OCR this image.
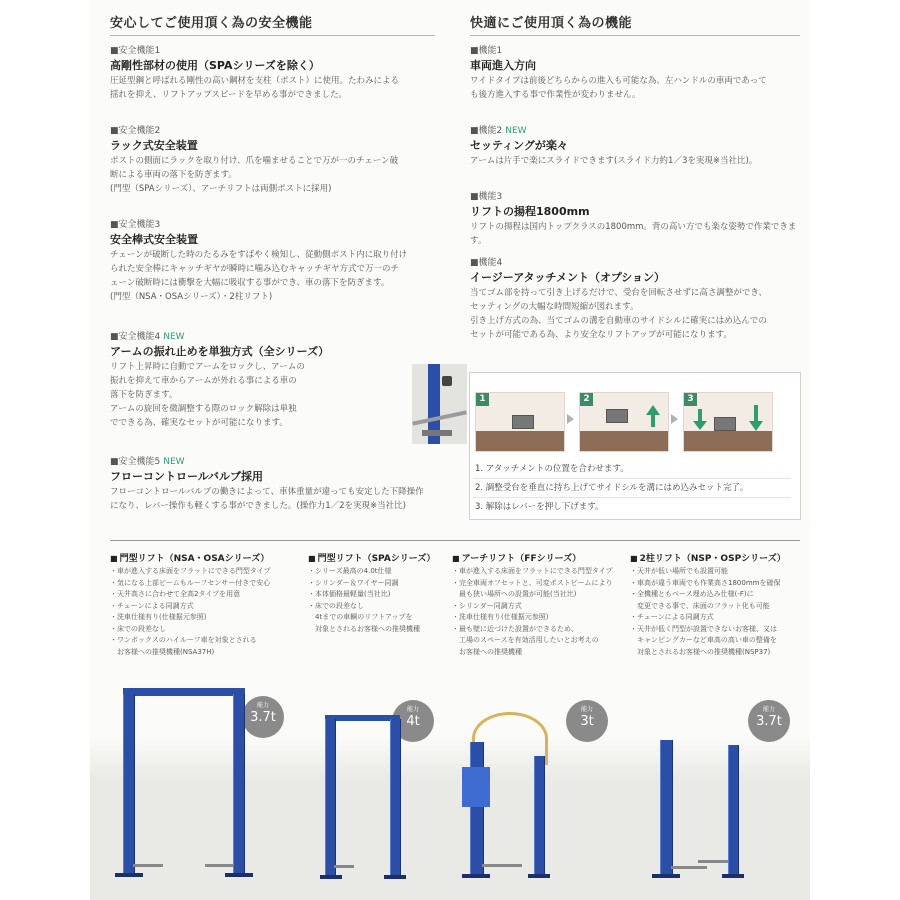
安心してご使用頂く為の安全機能
■安全機能1
高剛性部材の使用（SPAシリーズを除く）
圧延型鋼と呼ばれる剛性の高い鋼材を支柱（ポスト）に使用。たわみによる
揺れを抑え、リフトアップスピードを早める事ができました。
■安全機能2
ラック式安全装置
ポストの側面にラックを取り付け、爪を噛ませることで万が一のチェーン破
断による車両の落下を防ぎます。
(門型（SPAシリーズ）、アーチリフトは両側ポストに採用)
■安全機能3
安全棒式安全装置
チェーンが破断した時のたるみをすばやく検知し、従動側ポスト内に取り付け
られた安全棒にキャッチギヤが瞬時に噛み込むキャッチギヤ方式で万一のチ
ェーン破断時には衝撃を大幅に吸収する事ができ、車の落下を防ぎます。
(門型（NSA・OSAシリーズ）・2柱リフト)
■安全機能4 NEW
アームの振れ止めを単独方式（全シリーズ）
リフト上昇時に自動でアームをロックし、アームの
振れを抑えて車からアームが外れる事による車の
落下を防ぎます。
アームの旋回を微調整する際のロック解除は単独
でできる為、確実なセットが可能になります。
■安全機能5 NEW
フローコントロールバルブ採用
フローコントロールバルブの働きによって、車体重量が違っても安定した下降操作
になり、レバー操作も軽くする事ができました。(操作力1／2を実現※当社比)
快適にご使用頂く為の機能
■機能1
車両進入方向
ワイドタイプは前後どちらからの進入も可能な為、左ハンドルの車両であって
も後方進入する事で作業性が変わりません。
■機能2 NEW
セッティングが楽々
アームは片手で楽にスライドできます(スライド力約1／3を実現※当社比)。
■機能3
リフトの揚程1800mm
リフトの揚程は国内トップクラスの1800mm。背の高い方でも楽な姿勢で作業できます。
■機能4
イージーアタッチメント（オプション）
当てゴム部を持って引き上げるだけで、受台を回転させずに高さ調整ができ、
セッティングの大幅な時間短縮が図れます。
引き上げ方式の為、当てゴムの溝を自動車のサイドシルに確実にはめ込んでの
セットが可能である為、より安全なリフトアップが可能になります。
1	2	3
1. アタッチメントの位置を合わせます。
2. 調整受台を垂直に持ち上げてサイドシルを溝にはめ込みセット完了。
3. 解除はレバーを押し下げます。
■ 門型リフト（NSA・OSAシリーズ）
・車が進入する床面をフラットにできる門型タイプ
・気になる上部ビームもルーフセンサー付きで安心
・天井高さに合わせて全高2タイプを用意
・チェーンによる同調方式
・洗車仕様有り(仕様据元参照)
・床での段差なし
・ワンボックスのハイルーフ車を対象とされる
　お客様への推奨機種(NSA37H)
■ 門型リフト（SPAシリーズ）
・シリーズ最高の4.0t仕様
・シリンダー＆ワイヤー同調
・本体価格最軽量(当社比)
・床での段差なし
　4tまでの車輌のリフトアップを
　対象とされるお客様への推奨機種
■ アーチリフト（FFシリーズ）
・車が進入する床面をフラットにできる門型タイプ
・完全車両オフセットと、可変ポストビームにより
　最も狭い場所への設置が可能(当社比)
・シリンダー同調方式
・洗車仕様有り(仕様据元参照)
・最も壁に近づけた設置ができるため、
　工場のスペースを有効活用したいとお考えの
　お客様への推奨機種
■ 2柱リフト（NSP・OSPシリーズ）
・天井が低い場所でも設置可能
・車高が違う車両でも作業高さ1800mmを確保
・全機種ともベース埋め込み仕様(-F)に
　変更できる事で、床面のフラット化も可能
・チェーンによる同調方式
・天井が低く門型が設置できないお客様、又は
　キャンピングカーなど車高の高い車の整備を
　対象とされるお客様への推奨機種(NSP37)
能力
3.7t
能力
4t
能力
3t
能力
3.7t
